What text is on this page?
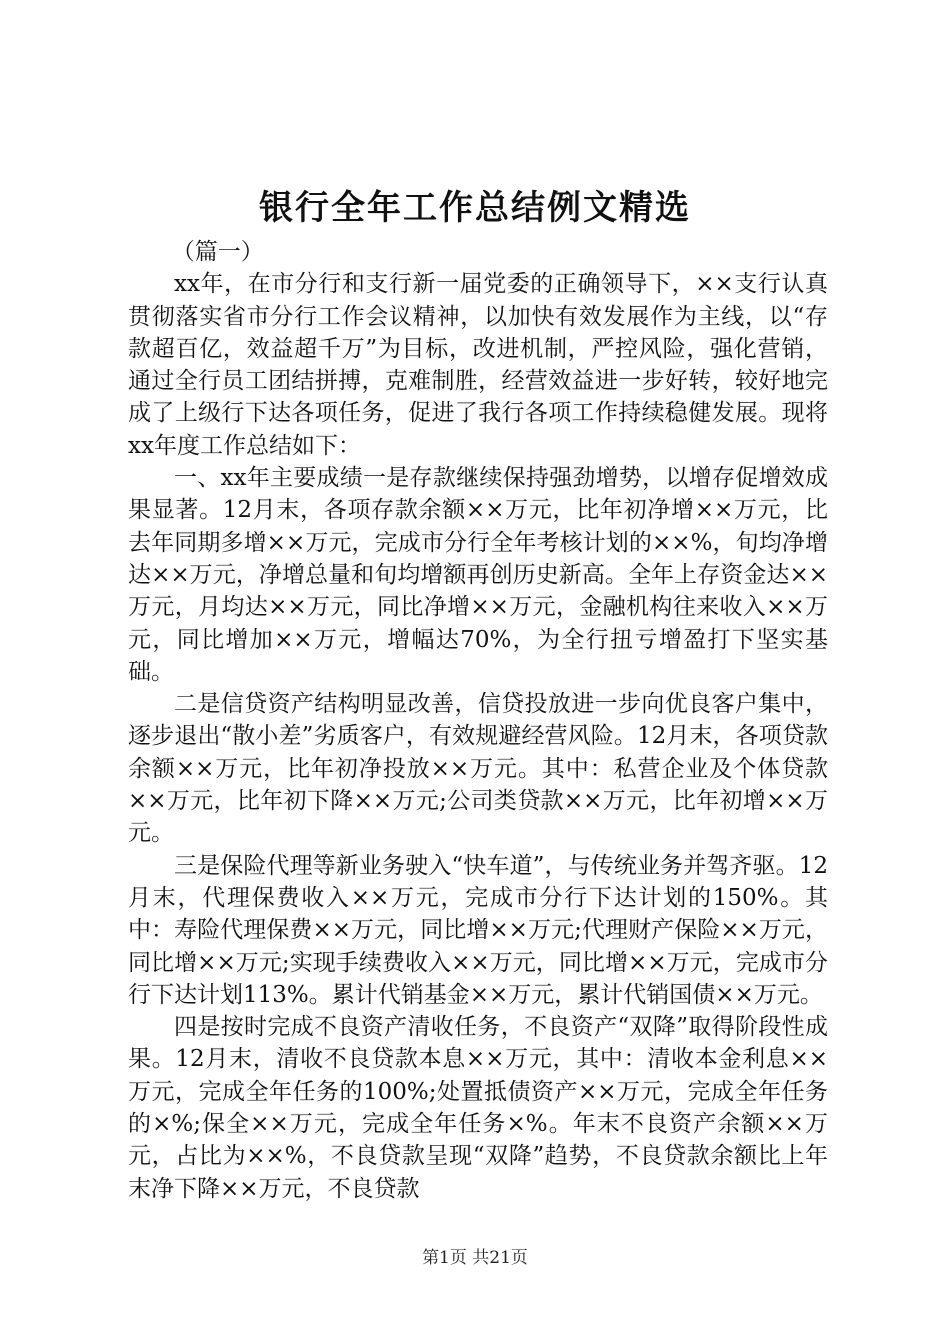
银行全年工作总结例文精选

（篇一）

xx年，在市分行和支行新一届党委的正确领导下，××支行认真贯彻落实省市分行工作会议精神，以加快有效发展作为主线，以“存款超百亿，效益超千万”为目标，改进机制，严控风险，强化营销，通过全行员工团结拼搏，克难制胜，经营效益进一步好转，较好地完成了上级行下达各项任务，促进了我行各项工作持续稳健发展。现将xx年度工作总结如下：

一、xx年主要成绩一是存款继续保持强劲增势，以增存促增效成果显著。12月末，各项存款余额××万元，比年初净增××万元，比去年同期多增××万元，完成市分行全年考核计划的××%，旬均净增达××万元，净增总量和旬均增额再创历史新高。全年上存资金达××万元，月均达××万元，同比净增××万元，金融机构往来收入××万元，同比增加××万元，增幅达70%，为全行扭亏增盈打下坚实基础。

二是信贷资产结构明显改善，信贷投放进一步向优良客户集中，逐步退出“散小差”劣质客户，有效规避经营风险。12月末，各项贷款余额××万元，比年初净投放××万元。其中：私营企业及个体贷款××万元，比年初下降××万元;公司类贷款××万元，比年初增××万元。

三是保险代理等新业务驶入“快车道”，与传统业务并驾齐驱。12月末，代理保费收入××万元，完成市分行下达计划的150%。其中：寿险代理保费××万元，同比增××万元;代理财产保险××万元，同比增××万元;实现手续费收入××万元，同比增××万元，完成市分行下达计划113%。累计代销基金××万元，累计代销国债××万元。

四是按时完成不良资产清收任务，不良资产“双降”取得阶段性成果。12月末，清收不良贷款本息××万元，其中：清收本金利息××万元，完成全年任务的100%;处置抵债资产××万元，完成全年任务的×%;保全××万元，完成全年任务×%。年末不良资产余额××万元，占比为××%，不良贷款呈现“双降”趋势，不良贷款余额比上年末净下降××万元，不良贷款

第1页 共21页
